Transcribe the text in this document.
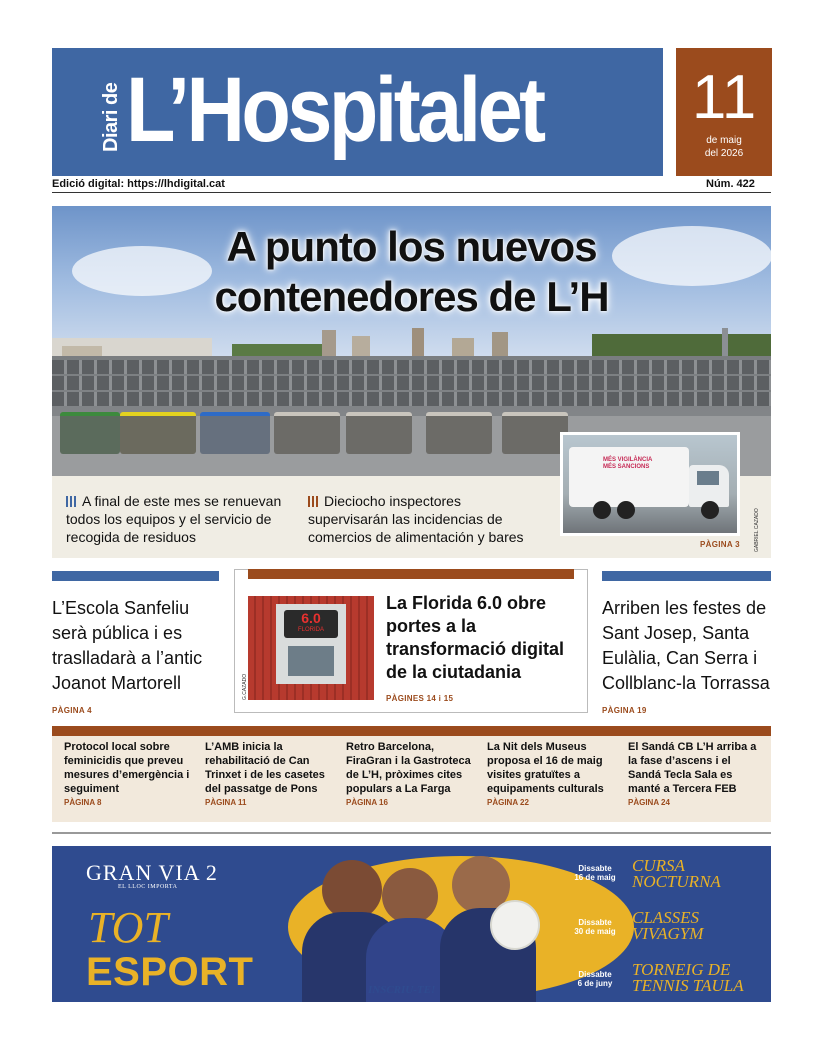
Diari de L’Hospitalet 11
de maig
del 2026
Edició digital: https://lhdigital.cat	Núm. 422
A punto los nuevos
contenedores de L’H
A final de este mes se renuevan todos los equipos y el servicio de recogida de residuos
Dieciocho inspectores supervisarán las incidencias de comercios de alimentación y bares
MÉS VIGILÀNCIA MÉS SANCIONS
PÀGINA 3	GABRIEL CAZADO
L’Escola Sanfeliu serà pública i es traslladarà a l’antic Joanot Martorell
PÀGINA 4
6.0
FLORIDA
G.CAZADO
La Florida 6.0 obre portes a la transformació digital de la ciutadania
PÀGINES 14 i 15
Arriben les festes de Sant Josep, Santa Eulàlia, Can Serra i Collblanc-la Torrassa
PÀGINA 19
Protocol local sobre feminicidis que preveu mesures d’emergència i seguiment
PÀGINA 8
L’AMB inicia la rehabilitació de Can Trinxet i de les casetes del passatge de Pons
PÀGINA 11
Retro Barcelona, FiraGran i la Gastroteca de L’H, pròximes cites populars a La Farga
PÀGINA 16
La Nit dels Museus proposa el 16 de maig visites gratuïtes a equipaments culturals
PÀGINA 22
El Sandá CB L’H arriba a la fase d’ascens i el Sandá Tecla Sala es manté a Tercera FEB
PÀGINA 24
GRAN VIA 2
EL LLOC IMPORTA
TOT
ESPORT	INSCRIU-TE!
Dissabte
16 de maig
CURSA
NOCTURNA
Dissabte
30 de maig
CLASSES
VIVAGYM
Dissabte
6 de juny
TORNEIG DE
TENNIS TAULA
